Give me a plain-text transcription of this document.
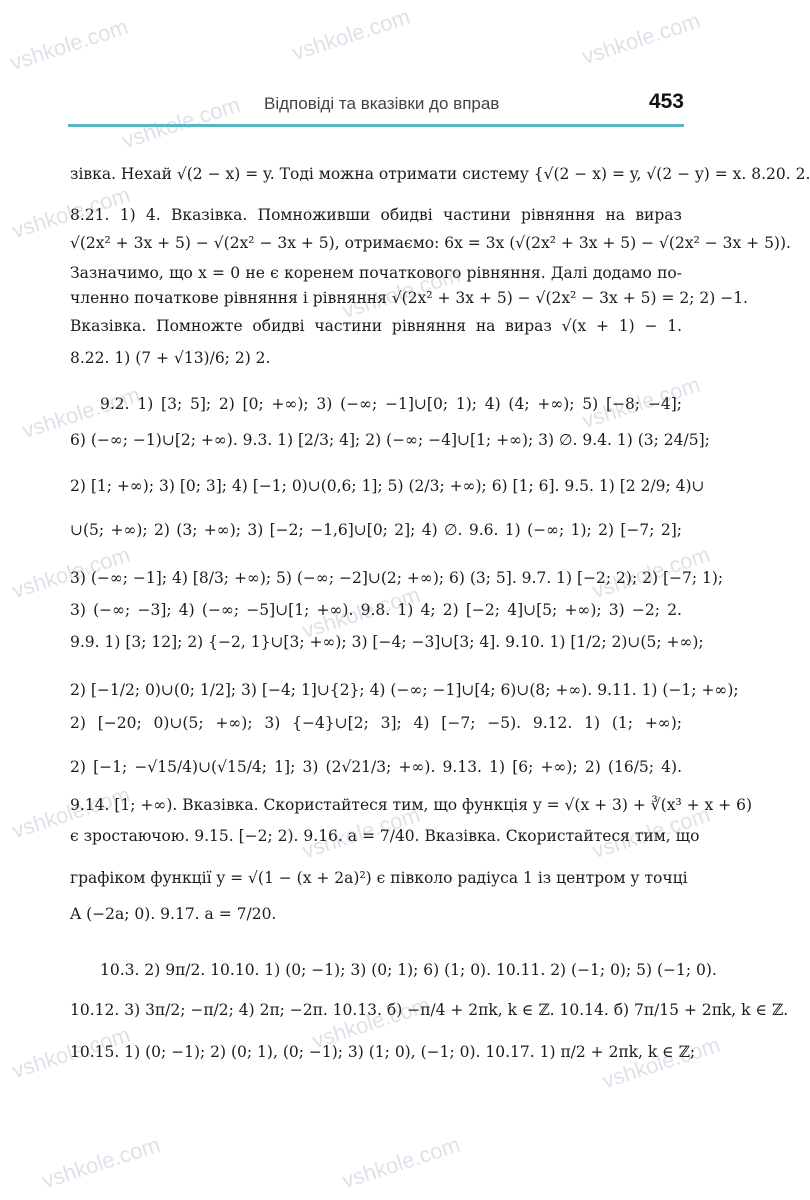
vshkole.com	vshkole.com	vshkole.com
vshkole.com
vshkole.com
vshkole.com
vshkole.com	vshkole.com
vshkole.com
vshkole.com
vshkole.com
vshkole.com	vshkole.com	vshkole.com
vshkole.com	vshkole.com
vshkole.com
vshkole.com	vshkole.com
Відповіді та вказівки до вправ	453
зівка. Нехай √(2 − x) = y. Тоді можна отримати систему {√(2 − x) = y, √(2 − y) = x. 8.20. 2.
8.21. 1) 4. Вказівка. Помноживши обидві частини рівняння на вираз
√(2x² + 3x + 5) − √(2x² − 3x + 5), отримаємо: 6x = 3x (√(2x² + 3x + 5) − √(2x² − 3x + 5)).
Зазначимо, що x = 0 не є коренем початкового рівняння. Далі додамо по-
членно початкове рівняння і рівняння √(2x² + 3x + 5) − √(2x² − 3x + 5) = 2; 2) −1.
Вказівка. Помножте обидві частини рівняння на вираз √(x + 1) − 1.
8.22. 1) (7 + √13)/6; 2) 2.
9.2. 1) [3; 5]; 2) [0; +∞); 3) (−∞; −1]∪[0; 1); 4) (4; +∞); 5) [−8; −4];
6) (−∞; −1)∪[2; +∞). 9.3. 1) [2/3; 4]; 2) (−∞; −4]∪[1; +∞); 3) ∅. 9.4. 1) (3; 24/5];
2) [1; +∞); 3) [0; 3]; 4) [−1; 0)∪(0,6; 1]; 5) (2/3; +∞); 6) [1; 6]. 9.5. 1) [2 2/9; 4)∪
∪(5; +∞); 2) (3; +∞); 3) [−2; −1,6]∪[0; 2]; 4) ∅. 9.6. 1) (−∞; 1); 2) [−7; 2];
3) (−∞; −1]; 4) [8/3; +∞); 5) (−∞; −2]∪(2; +∞); 6) (3; 5]. 9.7. 1) [−2; 2); 2) [−7; 1);
3) (−∞; −3]; 4) (−∞; −5]∪[1; +∞). 9.8. 1) 4; 2) [−2; 4]∪[5; +∞); 3) −2; 2.
9.9. 1) [3; 12]; 2) {−2, 1}∪[3; +∞); 3) [−4; −3]∪[3; 4]. 9.10. 1) [1/2; 2)∪(5; +∞);
2) [−1/2; 0)∪(0; 1/2]; 3) [−4; 1]∪{2}; 4) (−∞; −1]∪[4; 6)∪(8; +∞). 9.11. 1) (−1; +∞);
2) [−20; 0)∪(5; +∞); 3) {−4}∪[2; 3]; 4) [−7; −5). 9.12. 1) (1; +∞);
2) [−1; −√15/4)∪(√15/4; 1]; 3) (2√21/3; +∞). 9.13. 1) [6; +∞); 2) (16/5; 4).
9.14. [1; +∞). Вказівка. Скористайтеся тим, що функція y = √(x + 3) + ∛(x³ + x + 6)
є зростаючою. 9.15. [−2; 2). 9.16. a = 7/40. Вказівка. Скористайтеся тим, що
графіком функції y = √(1 − (x + 2a)²) є півколо радіуса 1 із центром у точці
A (−2a; 0). 9.17. a = 7/20.
10.3. 2) 9π/2. 10.10. 1) (0; −1); 3) (0; 1); 6) (1; 0). 10.11. 2) (−1; 0); 5) (−1; 0).
10.12. 3) 3π/2; −π/2; 4) 2π; −2π. 10.13. б) −π/4 + 2πk, k ∈ ℤ. 10.14. б) 7π/15 + 2πk, k ∈ ℤ.
10.15. 1) (0; −1); 2) (0; 1), (0; −1); 3) (1; 0), (−1; 0). 10.17. 1) π/2 + 2πk, k ∈ ℤ;
